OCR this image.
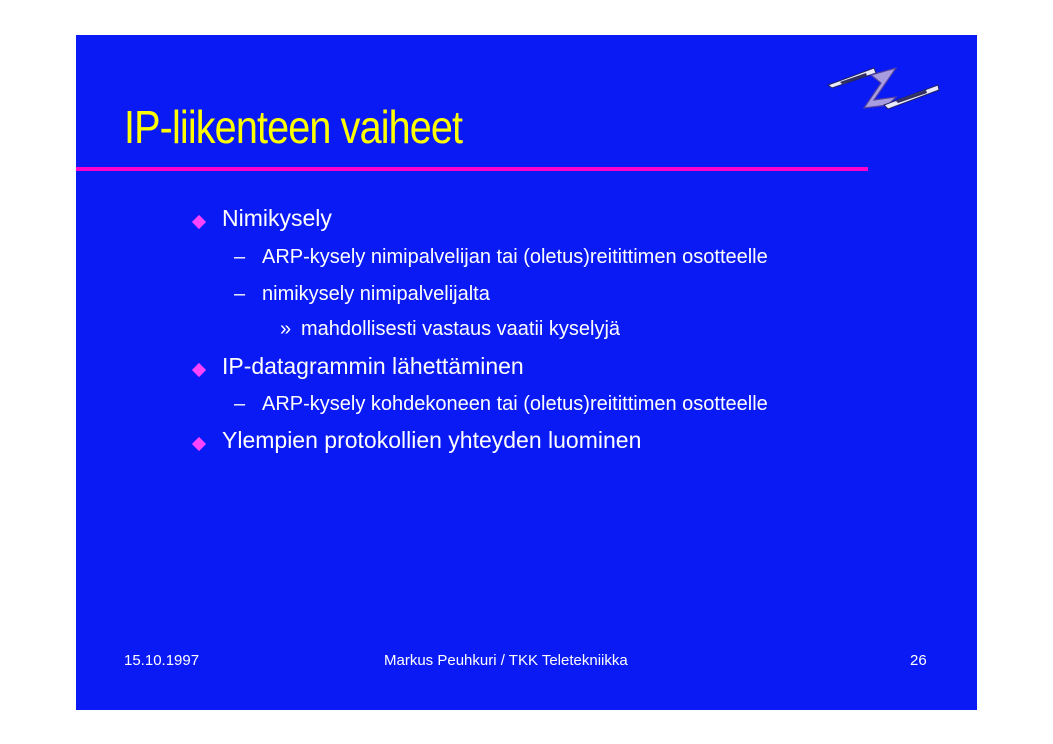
IP-liikenteen vaiheet
Nimikysely
– ARP-kysely nimipalvelijan tai (oletus)reitittimen osotteelle
– nimikysely nimipalvelijalta
» mahdollisesti vastaus vaatii kyselyjä
IP-datagrammin lähettäminen
– ARP-kysely kohdekoneen tai (oletus)reitittimen osotteelle
Ylempien protokollien yhteyden luominen
15.10.1997	Markus Peuhkuri / TKK Teletekniikka	26
